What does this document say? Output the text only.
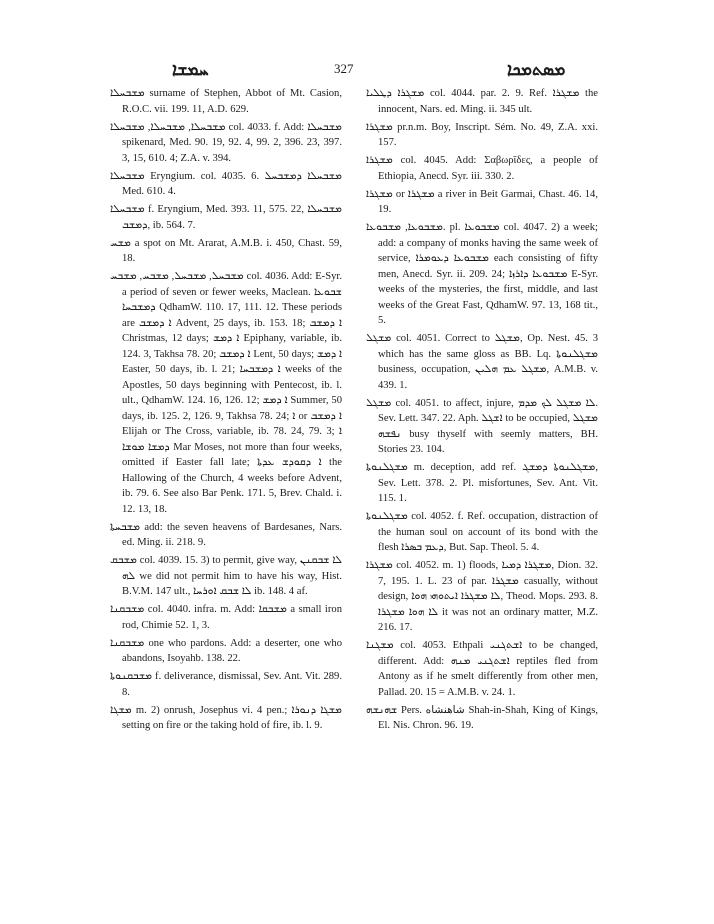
ܚܡܫܐ	327	ܡܣܬܡܟܐ

ܡܫܒܚܠܐ surname of Stephen, Abbot of Mt. Casion, R.O.C. vii. 199. 11, A.D. 629.

ܡܫܒܚܠܐ, ܡܫܒܚܠܐ, ܡܫܒܚܠܐ col. 4033. f. Add: ܡܫܒܚܠܐ spikenard, Med. 90. 19, 92. 4, 99. 2, 396. 23, 397. 3, 15, 610. 4; Z.A. v. 394.

ܡܫܒܚܠܐ Eryngium. col. 4035. 6. ܡܫܒܚܠܐ ܕܡܫܒܚܠ Med. 610. 4.

ܡܫܒܚܠܐ f. Eryngium, Med. 393. 11, 575. 22, ܡܫܒܚܠܐ ܕܡܫܒ, ib. 564. 7.

ܡܫܚ a spot on Mt. Ararat, A.M.B. i. 450, Chast. 59, 18.

ܡܫܒܚܠ, ܡܫܒܚܠ, ܡܫܒܚ, ܡܫܒܚ col. 4036. Add: E-Syr. a period of seven or fewer weeks, Maclean. ܫܒܘܥܐ ܕܡܫܒܚܐ QdhamW. 110. 17, 111. 12. These periods are ܐ ܕܡܫܒ Advent, 25 days, ib. 153. 18; ܐ ܕܡܫܒ Christmas, 12 days; ܐ ܕܡܫ Epiphany, variable, ib. 124. 3, Takhsa 78. 20; ܐ ܕܡܫܒ Lent, 50 days; ܐ ܕܡܫ Easter, 50 days, ib. l. 21; ܐ ܕܡܫܒܚܐ weeks of the Apostles, 50 days beginning with Pentecost, ib. l. ult., QdhamW. 124. 16, 126. 12; ܐ ܕܡܫ Summer, 50 days, ib. 125. 2, 126. 9, Takhsa 78. 24; ܐ or ܐ ܕܡܫܒ Elijah or The Cross, variable, ib. 78. 24, 79. 3; ܐ ܕܡܫܐ ܡܘܫܐ Mar Moses, not more than four weeks, omitted if Easter fall late; ܐ ܕܩܘܕܫ ܥܕܬܐ the Hallowing of the Church, 4 weeks before Advent, ib. 79. 6. See also Bar Penk. 171. 5, Brev. Chald. i. 12. 13, 18.

ܡܫܒܚܬܐ add: the seven heavens of Bardesanes, Nars. ed. Ming. ii. 218. 9.

ܡܫܒܩ col. 4039. 15. 3) to permit, give way, ܠܐ ܫܒܩܢܢ ܠܗ we did not permit him to have his way, Hist. B.V.M. 147 ult., ܠܐ ܫܒܩ ܐܘܪܚܐ ib. 148. 4 af.

ܡܫܒܩܢܐ col. 4040. infra. m. Add: ܡܫܒܩܐ a small iron rod, Chimie 52. 1, 3.

ܡܫܒܩܢܐ one who pardons. Add: a deserter, one who abandons, Isoyahb. 138. 22.

ܡܫܒܩܢܘܬܐ f. deliverance, dismissal, Sev. Ant. Vit. 289. 8.

ܡܫܓܐ m. 2) onrush, Josephus vi. 4 pen.; ܡܫܓܐ ܕܢܘܪܐ setting on fire or the taking hold of fire, ib. l. 9.

ܡܫܓܪܐ ܕܛܠܝܐ col. 4044. par. 2. 9. Ref. ܡܫܓܪܐ the innocent, Nars. ed. Ming. ii. 345 ult.

ܡܫܓܪܐ pr.n.m. Boy, Inscript. Sém. No. 49, Z.A. xxi. 157.

ܡܫܓܪܐ col. 4045. Add: Σαβωρῖδες, a people of Ethiopia, Anecd. Syr. iii. 330. 2.

ܡܫܓܪܐ or ܡܫܓܪܐ a river in Beit Garmai, Chast. 46. 14, 19.

ܡܫܒܘܥܐ, ܡܫܒܘܥܐ. pl. ܡܫܒܘܥܐ col. 4047. 2) a week; add: a company of monks having the same week of service, ܡܫܒܘܥܐ ܕܥܘܡܪܐ each consisting of fifty men, Anecd. Syr. ii. 209. 24; ܡܫܒܘܥܐ ܕܐܪܙܐ E-Syr. weeks of the mysteries, the first, middle, and last weeks of the Great Fast, QdhamW. 97. 13, 168 tit., 5.

ܡܫܓܠ col. 4051. Correct to ܡܫܓܠ, Op. Nest. 45. 3 which has the same gloss as BB. Lq. ܡܫܓܠܢܘܬܐ business, occupation, ܡܫܓܠ ܥܡ ܗܠܝܢ, A.M.B. v. 439. 1.

ܡܫܓܠ col. 4051. to affect, injure, ܠܐ ܡܫܓܠ ܠܟ ܡܕܡ. Sev. Lett. 347. 22. Aph. ܐܫܓܠ to be occupied, ܡܫܓܠ ܢܦܫܗ busy thyself with seemly matters, BH. Stories 23. 104.

ܡܫܓܠܢܘܬܐ m. deception, add ref. ܡܫܓܠܢܘܬܐ ܕܡܫܓ, Sev. Lett. 378. 2. Pl. misfortunes, Sev. Ant. Vit. 115. 1.

ܡܫܓܠܢܘܬܐ col. 4052. f. Ref. occupation, distraction of the human soul on account of its bond with the flesh ܕܥܡ ܒܣܪܐ, But. Sap. Theol. 5. 4.

ܡܫܓܪܐ col. 4052. m. 1) floods, ܡܫܓܪܐ ܕܡܝܐ, Dion. 32. 7, 195. 1. L. 23 of par. ܡܫܓܪܐ casually, without design, ܠܐ ܡܫܓܪܐ ܐܝܬܘܗܝ ܗܘܐ, Theod. Mops. 293. 8. ܠܐ ܗܘܐ ܡܫܓܪܐ it was not an ordinary matter, M.Z. 216. 17.

ܡܫܓܢܐ col. 4053. Ethpali ܐܫܬܓܢܝ to be changed, different. Add: ܐܫܬܓܢܝ ܡܢܗ reptiles fled from Antony as if he smelt differently from other men, Pallad. 20. 15 = A.M.B. v. 24. 1.

ܫܗܢܫܗ Pers. شاهنشاه Shah-in-Shah, King of Kings, El. Nis. Chron. 96. 19.
